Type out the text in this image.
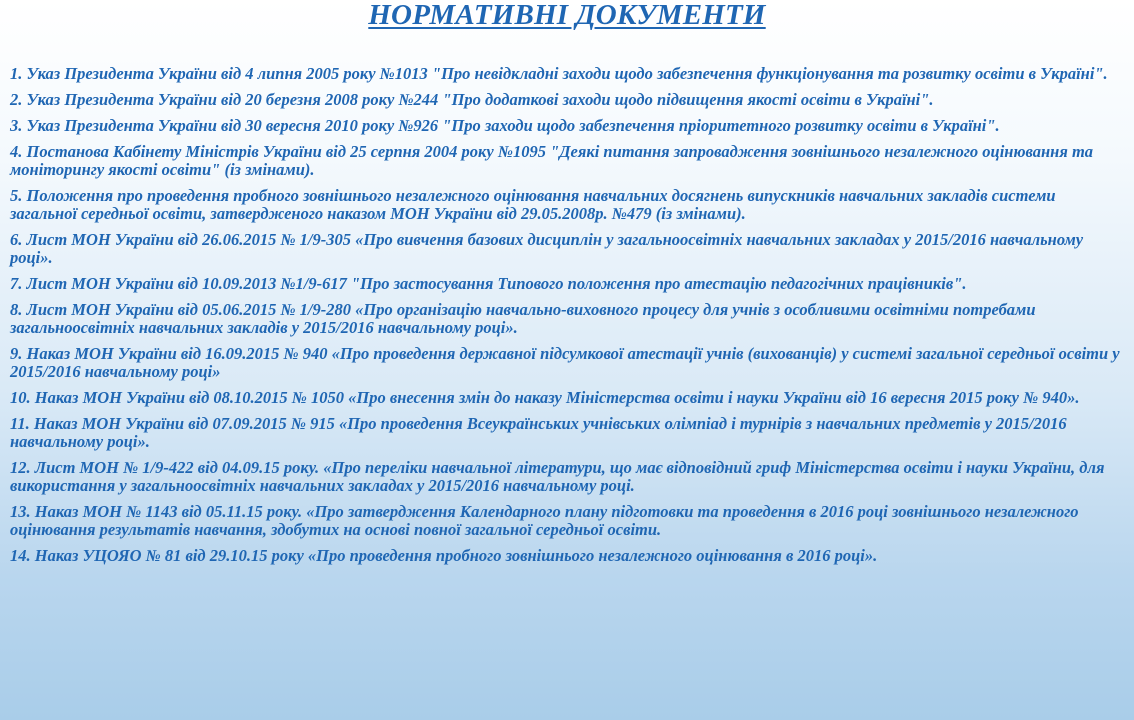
НОРМАТИВНІ ДОКУМЕНТИ
1. Указ Президента України від 4 липня 2005 року №1013 "Про невідкладні заходи щодо забезпечення функціонування та розвитку освіти в Україні".
2. Указ Президента України від 20 березня 2008 року №244 "Про додаткові заходи щодо підвищення якості освіти в Україні".
3. Указ Президента України від 30 вересня 2010 року №926 "Про заходи щодо забезпечення пріоритетного розвитку освіти в Україні".
4. Постанова Кабінету Міністрів України від 25 серпня 2004 року №1095 "Деякі питання запровадження зовнішнього незалежного оцінювання та моніторингу якості освіти" (із змінами).
5. Положення про проведення пробного зовнішнього незалежного оцінювання навчальних досягнень випускників навчальних закладів системи загальної середньої освіти, затвердженого наказом МОН України від 29.05.2008р. №479 (із змінами).
6. Лист МОН України від 26.06.2015 № 1/9-305 «Про вивчення базових дисциплін у загальноосвітніх навчальних закладах у 2015/2016 навчальному році».
7. Лист МОН України від 10.09.2013 №1/9-617 "Про застосування Типового положення про атестацію педагогічних працівників".
8. Лист МОН України від 05.06.2015 № 1/9-280 «Про організацію навчально-виховного процесу для учнів з особливими освітніми потребами загальноосвітніх навчальних закладів у 2015/2016 навчальному році».
9. Наказ МОН України від 16.09.2015 № 940 «Про проведення державної підсумкової атестації учнів (вихованців) у системі загальної середньої освіти у 2015/2016 навчальному році»
10. Наказ МОН України від 08.10.2015 № 1050 «Про внесення змін до наказу Міністерства освіти і науки України від 16 вересня 2015 року № 940».
11. Наказ МОН України від 07.09.2015 № 915 «Про проведення Всеукраїнських учнівських олімпіад і турнірів з навчальних предметів у 2015/2016 навчальному році».
12. Лист МОН № 1/9-422 від 04.09.15 року. «Про переліки навчальної літератури, що має відповідний гриф Міністерства освіти і науки України, для використання у загальноосвітніх навчальних закладах у 2015/2016 навчальному році.
13. Наказ МОН № 1143 від 05.11.15 року. «Про затвердження Календарного плану підготовки та проведення в 2016 році зовнішнього незалежного оцінювання результатів навчання, здобутих на основі повної загальної середньої освіти.
14. Наказ УЦОЯО № 81 від 29.10.15 року «Про проведення пробного зовнішнього незалежного оцінювання в 2016 році».
